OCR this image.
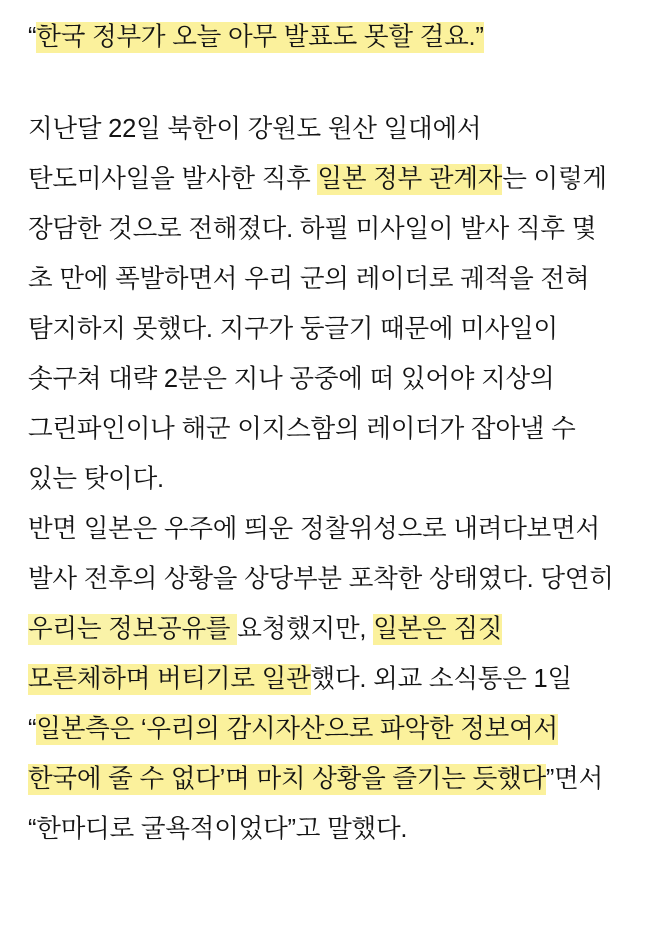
“한국 정부가 오늘 아무 발표도 못할 걸요.”

지난달 22일 북한이 강원도 원산 일대에서 탄도미사일을 발사한 직후 일본 정부 관계자는 이렇게 장담한 것으로 전해졌다. 하필 미사일이 발사 직후 몇 초 만에 폭발하면서 우리 군의 레이더로 궤적을 전혀 탐지하지 못했다. 지구가 둥글기 때문에 미사일이 솟구쳐 대략 2분은 지나 공중에 떠 있어야 지상의 그린파인이나 해군 이지스함의 레이더가 잡아낼 수 있는 탓이다.

반면 일본은 우주에 띄운 정찰위성으로 내려다보면서 발사 전후의 상황을 상당부분 포착한 상태였다. 당연히 우리는 정보공유를 요청했지만, 일본은 짐짓 모른체하며 버티기로 일관했다. 외교 소식통은 1일 “일본측은 ‘우리의 감시자산으로 파악한 정보여서 한국에 줄 수 없다’며 마치 상황을 즐기는 듯했다”면서 “한마디로 굴욕적이었다”고 말했다.
